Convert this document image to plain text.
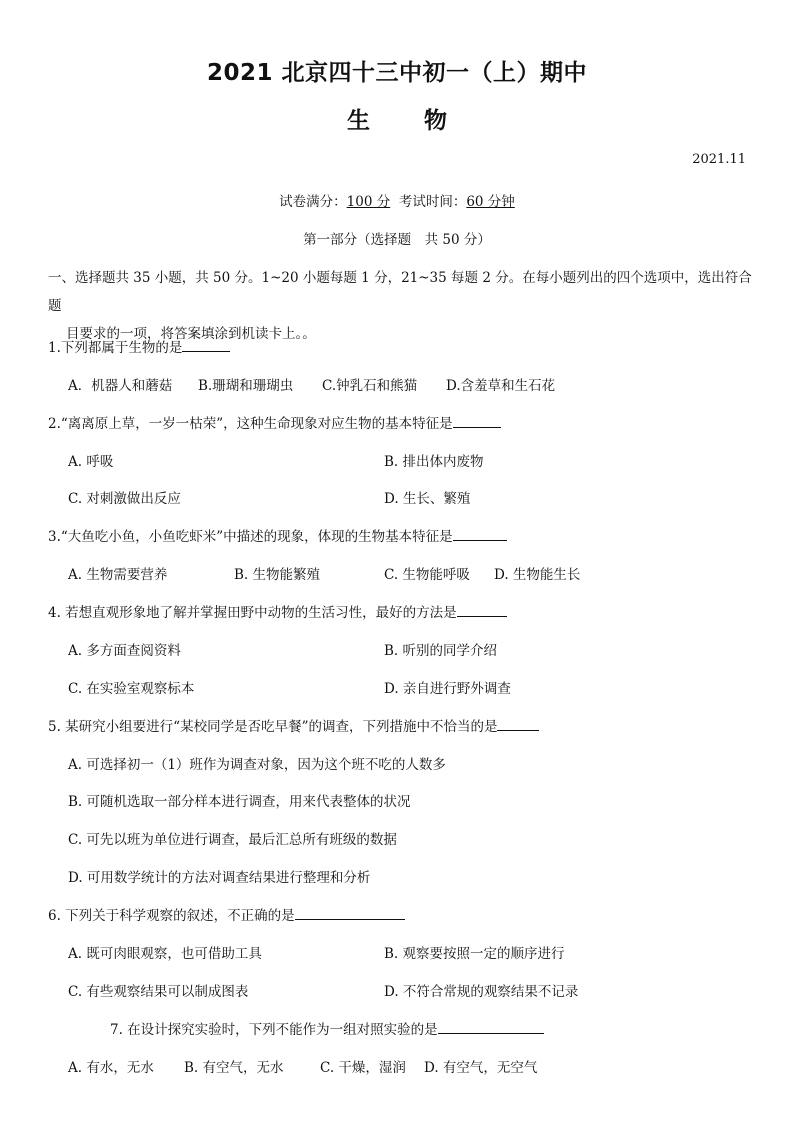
2021 北京四十三中初一（上）期中
生物
2021.11
试卷满分：100 分 考试时间：60 分钟
第一部分（选择题　共 50 分）
一、选择题共 35 小题，共 50 分。1~20 小题每题 1 分，21~35 每题 2 分。在每小题列出的四个选项中，选出符合题
目要求的一项，将答案填涂到机读卡上。。
1.下列都属于生物的是
A．机器人和蘑菇 B.珊瑚和珊瑚虫 C.钟乳石和熊猫 D.含羞草和生石花
2.“离离原上草，一岁一枯荣”，这种生命现象对应生物的基本特征是
A. 呼吸	B. 排出体内废物
C. 对刺激做出反应	D. 生长、繁殖
3.“大鱼吃小鱼，小鱼吃虾米”中描述的现象，体现的生物基本特征是
A. 生物需要营养	B. 生物能繁殖	C. 生物能呼吸 D. 生物能生长
4. 若想直观形象地了解并掌握田野中动物的生活习性，最好的方法是
A. 多方面查阅资料	B. 听别的同学介绍
C. 在实验室观察标本	D. 亲自进行野外调查
5. 某研究小组要进行“某校同学是否吃早餐”的调查，下列措施中不恰当的是
A. 可选择初一（1）班作为调查对象，因为这个班不吃的人数多
B. 可随机选取一部分样本进行调查，用来代表整体的状况
C. 可先以班为单位进行调查，最后汇总所有班级的数据
D. 可用数学统计的方法对调查结果进行整理和分析
6. 下列关于科学观察的叙述，不正确的是
A. 既可肉眼观察，也可借助工具	B. 观察要按照一定的顺序进行
C. 有些观察结果可以制成图表	D. 不符合常规的观察结果不记录
7. 在设计探究实验时，下列不能作为一组对照实验的是
A. 有水，无水 B. 有空气，无水	C. 干燥，湿润 D. 有空气，无空气
